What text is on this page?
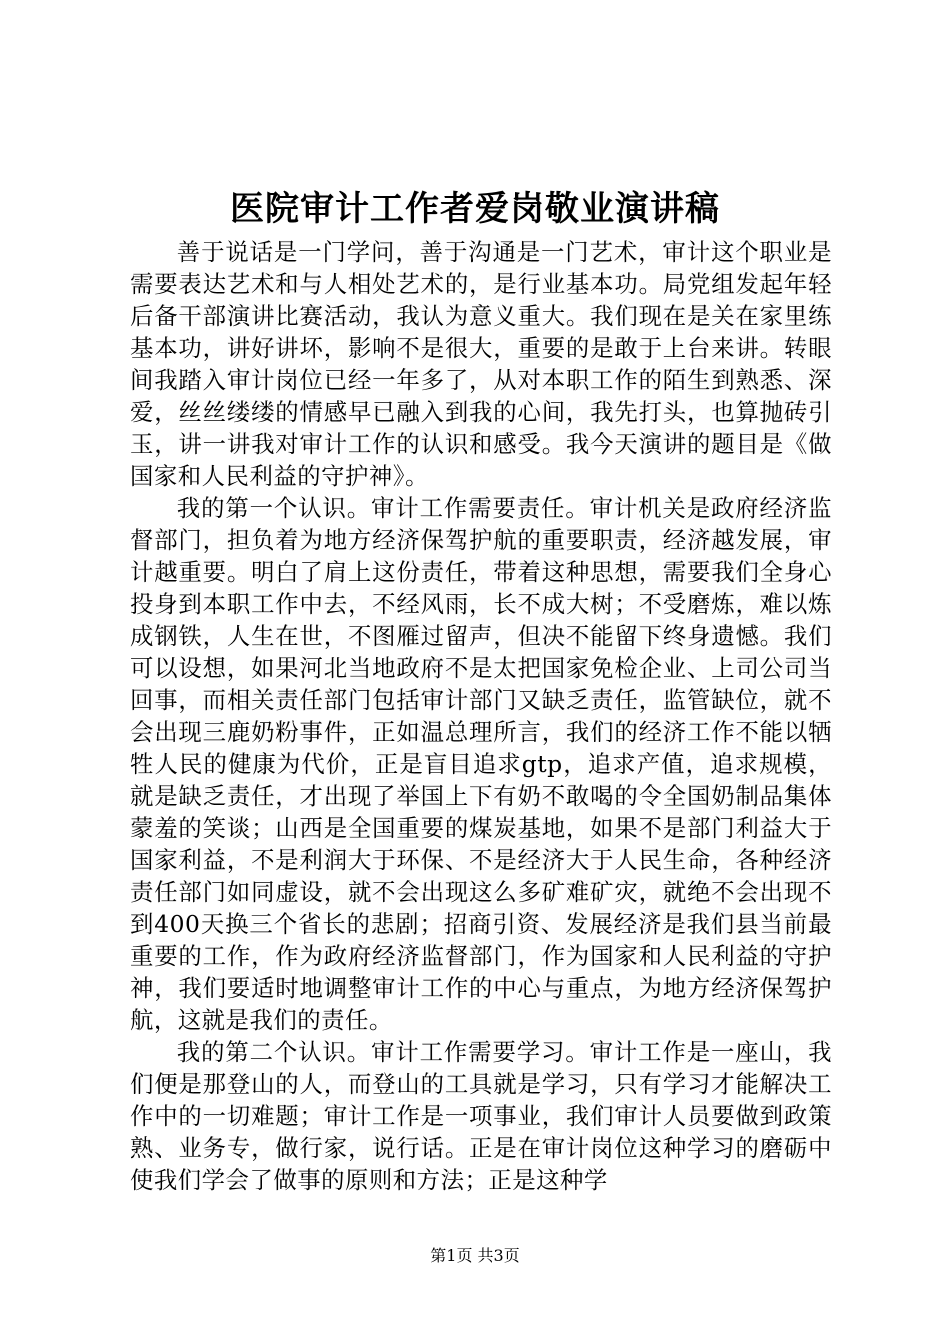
医院审计工作者爱岗敬业演讲稿

善于说话是一门学问，善于沟通是一门艺术，审计这个职业是需要表达艺术和与人相处艺术的，是行业基本功。局党组发起年轻后备干部演讲比赛活动，我认为意义重大。我们现在是关在家里练基本功，讲好讲坏，影响不是很大，重要的是敢于上台来讲。转眼间我踏入审计岗位已经一年多了，从对本职工作的陌生到熟悉、深爱，丝丝缕缕的情感早已融入到我的心间，我先打头，也算抛砖引玉，讲一讲我对审计工作的认识和感受。我今天演讲的题目是《做国家和人民利益的守护神》。

我的第一个认识。审计工作需要责任。审计机关是政府经济监督部门，担负着为地方经济保驾护航的重要职责，经济越发展，审计越重要。明白了肩上这份责任，带着这种思想，需要我们全身心投身到本职工作中去，不经风雨，长不成大树；不受磨炼，难以炼成钢铁，人生在世，不图雁过留声，但决不能留下终身遗憾。我们可以设想，如果河北当地政府不是太把国家免检企业、上司公司当回事，而相关责任部门包括审计部门又缺乏责任，监管缺位，就不会出现三鹿奶粉事件，正如温总理所言，我们的经济工作不能以牺牲人民的健康为代价，正是盲目追求gtp，追求产值，追求规模，就是缺乏责任，才出现了举国上下有奶不敢喝的令全国奶制品集体蒙羞的笑谈；山西是全国重要的煤炭基地，如果不是部门利益大于国家利益，不是利润大于环保、不是经济大于人民生命，各种经济责任部门如同虚设，就不会出现这么多矿难矿灾，就绝不会出现不到400天换三个省长的悲剧；招商引资、发展经济是我们县当前最重要的工作，作为政府经济监督部门，作为国家和人民利益的守护神，我们要适时地调整审计工作的中心与重点，为地方经济保驾护航，这就是我们的责任。

我的第二个认识。审计工作需要学习。审计工作是一座山，我们便是那登山的人，而登山的工具就是学习，只有学习才能解决工作中的一切难题；审计工作是一项事业，我们审计人员要做到政策熟、业务专，做行家，说行话。正是在审计岗位这种学习的磨砺中使我们学会了做事的原则和方法；正是这种学

第1页 共3页
